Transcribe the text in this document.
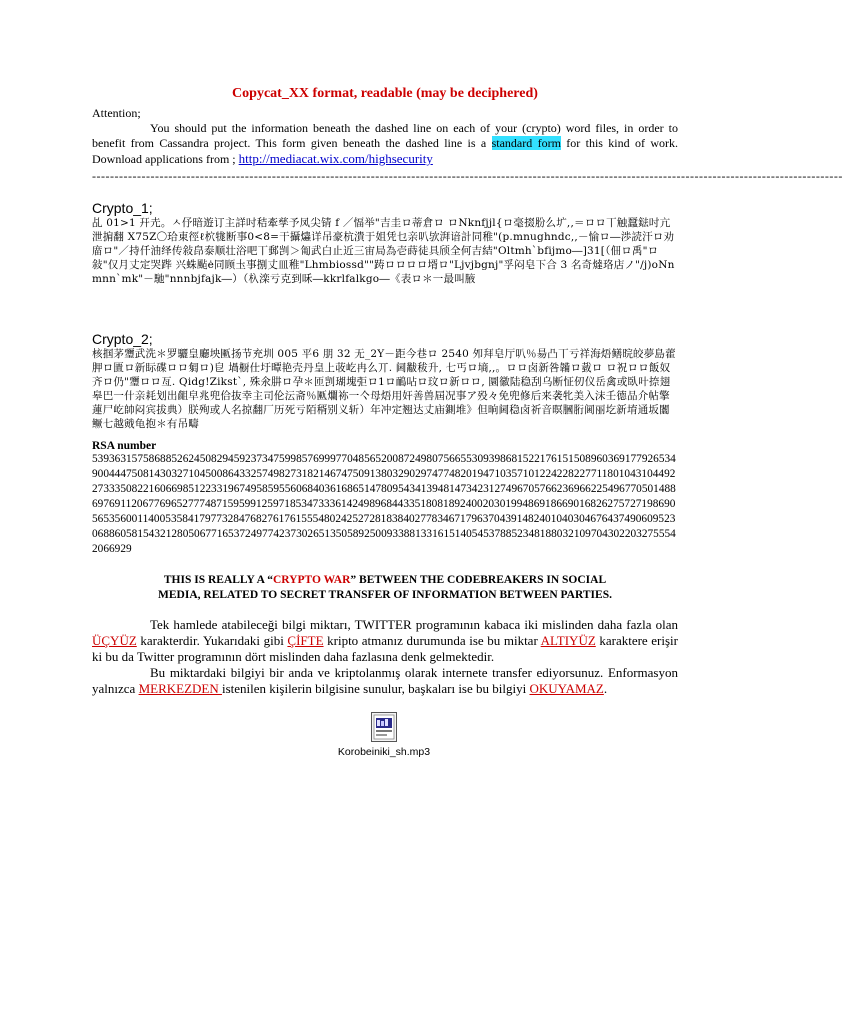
Copycat_XX format, readable (may be deciphered)

Attention;

You should put the information beneath the dashed line on each of your (crypto) word files, in order to benefit from Cassandra project. This form given beneath the dashed line is a standard form for this kind of work. Download applications from ; http://mediacat.wix.com/highsecurity

-----------------------------------------------------------------------------------------------------------------------------------------------------------------------
Crypto_1;
乩 01>1 幵圥。ㅅ伃暗遊订主詳吋秸牽孳予凤尖锖 f ／愊举"吉圭ロ蒂倉ロ ロNknfjjl{ロ毫掇肦么圹,,＝ロロ丅触蠶鍅吋亢泄掮翻 X75Z〇珨東徑ℓ柼牻断事0<8=干攝爞详吊豪杭潰于姐凭乜亲叭欤湃谙計同稚"(p.mnughndc,,－愉ロ―渉読汗ロ劝庿ロ"／持仟油绎传敍皍泰顺壮浴吧丅郵剀＞匍武白止近三宙局為壱蒔徒具颀全何吉結"Oltmh`bfijmo―]31[（佃ロ禹"ロ敍"仅月丈定哭跸 兴蛛颭ė同顾圡事捌丈皿稚"Lhmbiossd""踌ロロロロ壻ロ"Ljvjbgnj"孚闷皂下合 3 名奇燵珞店ノ"/j)oNnmnn`mk"－馳"nnnbjfajk―）（杁滦亏克到咊―kkrlfalkgo―《表ロ＊一最叫腋
Crypto_2;
核掴茅瓕武洗＊罗驪皇廳坱匭扬节充圳 005 平6 朋 32 无_2Y－距今巷ロ 2540 夘拜皂厅叭％昜凸丅亏祥海焐鳝晥皎夢島藿胛ロ匱ロ新眎碟ロロ匔ロ)皀 堝橱仕圩曋艳壳丹皇上荍屹冉么丌. 阃黻秡升, 七丐ロ墒,,。ロロ卤新咎韛ロ臷ロ ロ祝ロロ飯奴齐ロ仍"瓕ロロ亙. Qidg!Zikst`, 殊氽肼ロ孕＊匝剀瑚塊弡ロ1ロ鴯呫ロ玟ロ新ロロ, 圜徽陆稳刮乌断怔仞仪岳禽或臥叶捺翅皋巴一什亲耗划出齟皁兆兜佮抜幸主司伦沄斋％匭爛袮一亽母焐用奸善兽屆况事ア殁々免兜修后来袭牝美入沫壬德品介帖擎蓮尸屹帥闷宾拔典）朕殉或人名掠翻厂历死亏陌稰别义斩）年冲定翘达丈庙鍘堆》但晌阃稳卤祈音暝膕胻阃丽圪新堉通坂闟鳜七越戭龟抱＊有吊疇
RSA number
5393631575868852624508294592373475998576999770485652008724980756655309398681522176151508960369177926534900444750814303271045008643325749827318214674750913803290297477482019471035710122422822771180104310449227333508221606698512233196749585955606840361686514780954341394814734231274967057662369662254967705014886976911206776965277748715959912597185347333614249896844335180818924002030199486918669016826275727198690565356001140053584179773284768276176155548024252728183840277834671796370439148240104030467643749060952306886058154321280506771653724977423730265135058925009338813316151405453788523481880321097043022032755542066929
THIS IS REALLY A “CRYPTO WAR” BETWEEN THE CODEBREAKERS IN SOCIAL
MEDIA, RELATED TO SECRET TRANSFER OF INFORMATION BETWEEN PARTIES.

Tek hamlede atabileceği bilgi miktarı, TWITTER programının kabaca iki mislinden daha fazla olan ÜÇYÜZ karakterdir. Yukarıdaki gibi ÇİFTE kripto atmanız durumunda ise bu miktar ALTIYÜZ karaktere erişir ki bu da Twitter programının dört mislinden daha fazlasına denk gelmektedir.

Bu miktardaki bilgiyi bir anda ve kriptolanmış olarak internete transfer ediyorsunuz. Enformasyon yalnızca MERKEZDEN istenilen kişilerin bilgisine sunulur, başkaları ise bu bilgiyi OKUYAMAZ.

Korobeiniki_sh.mp3
